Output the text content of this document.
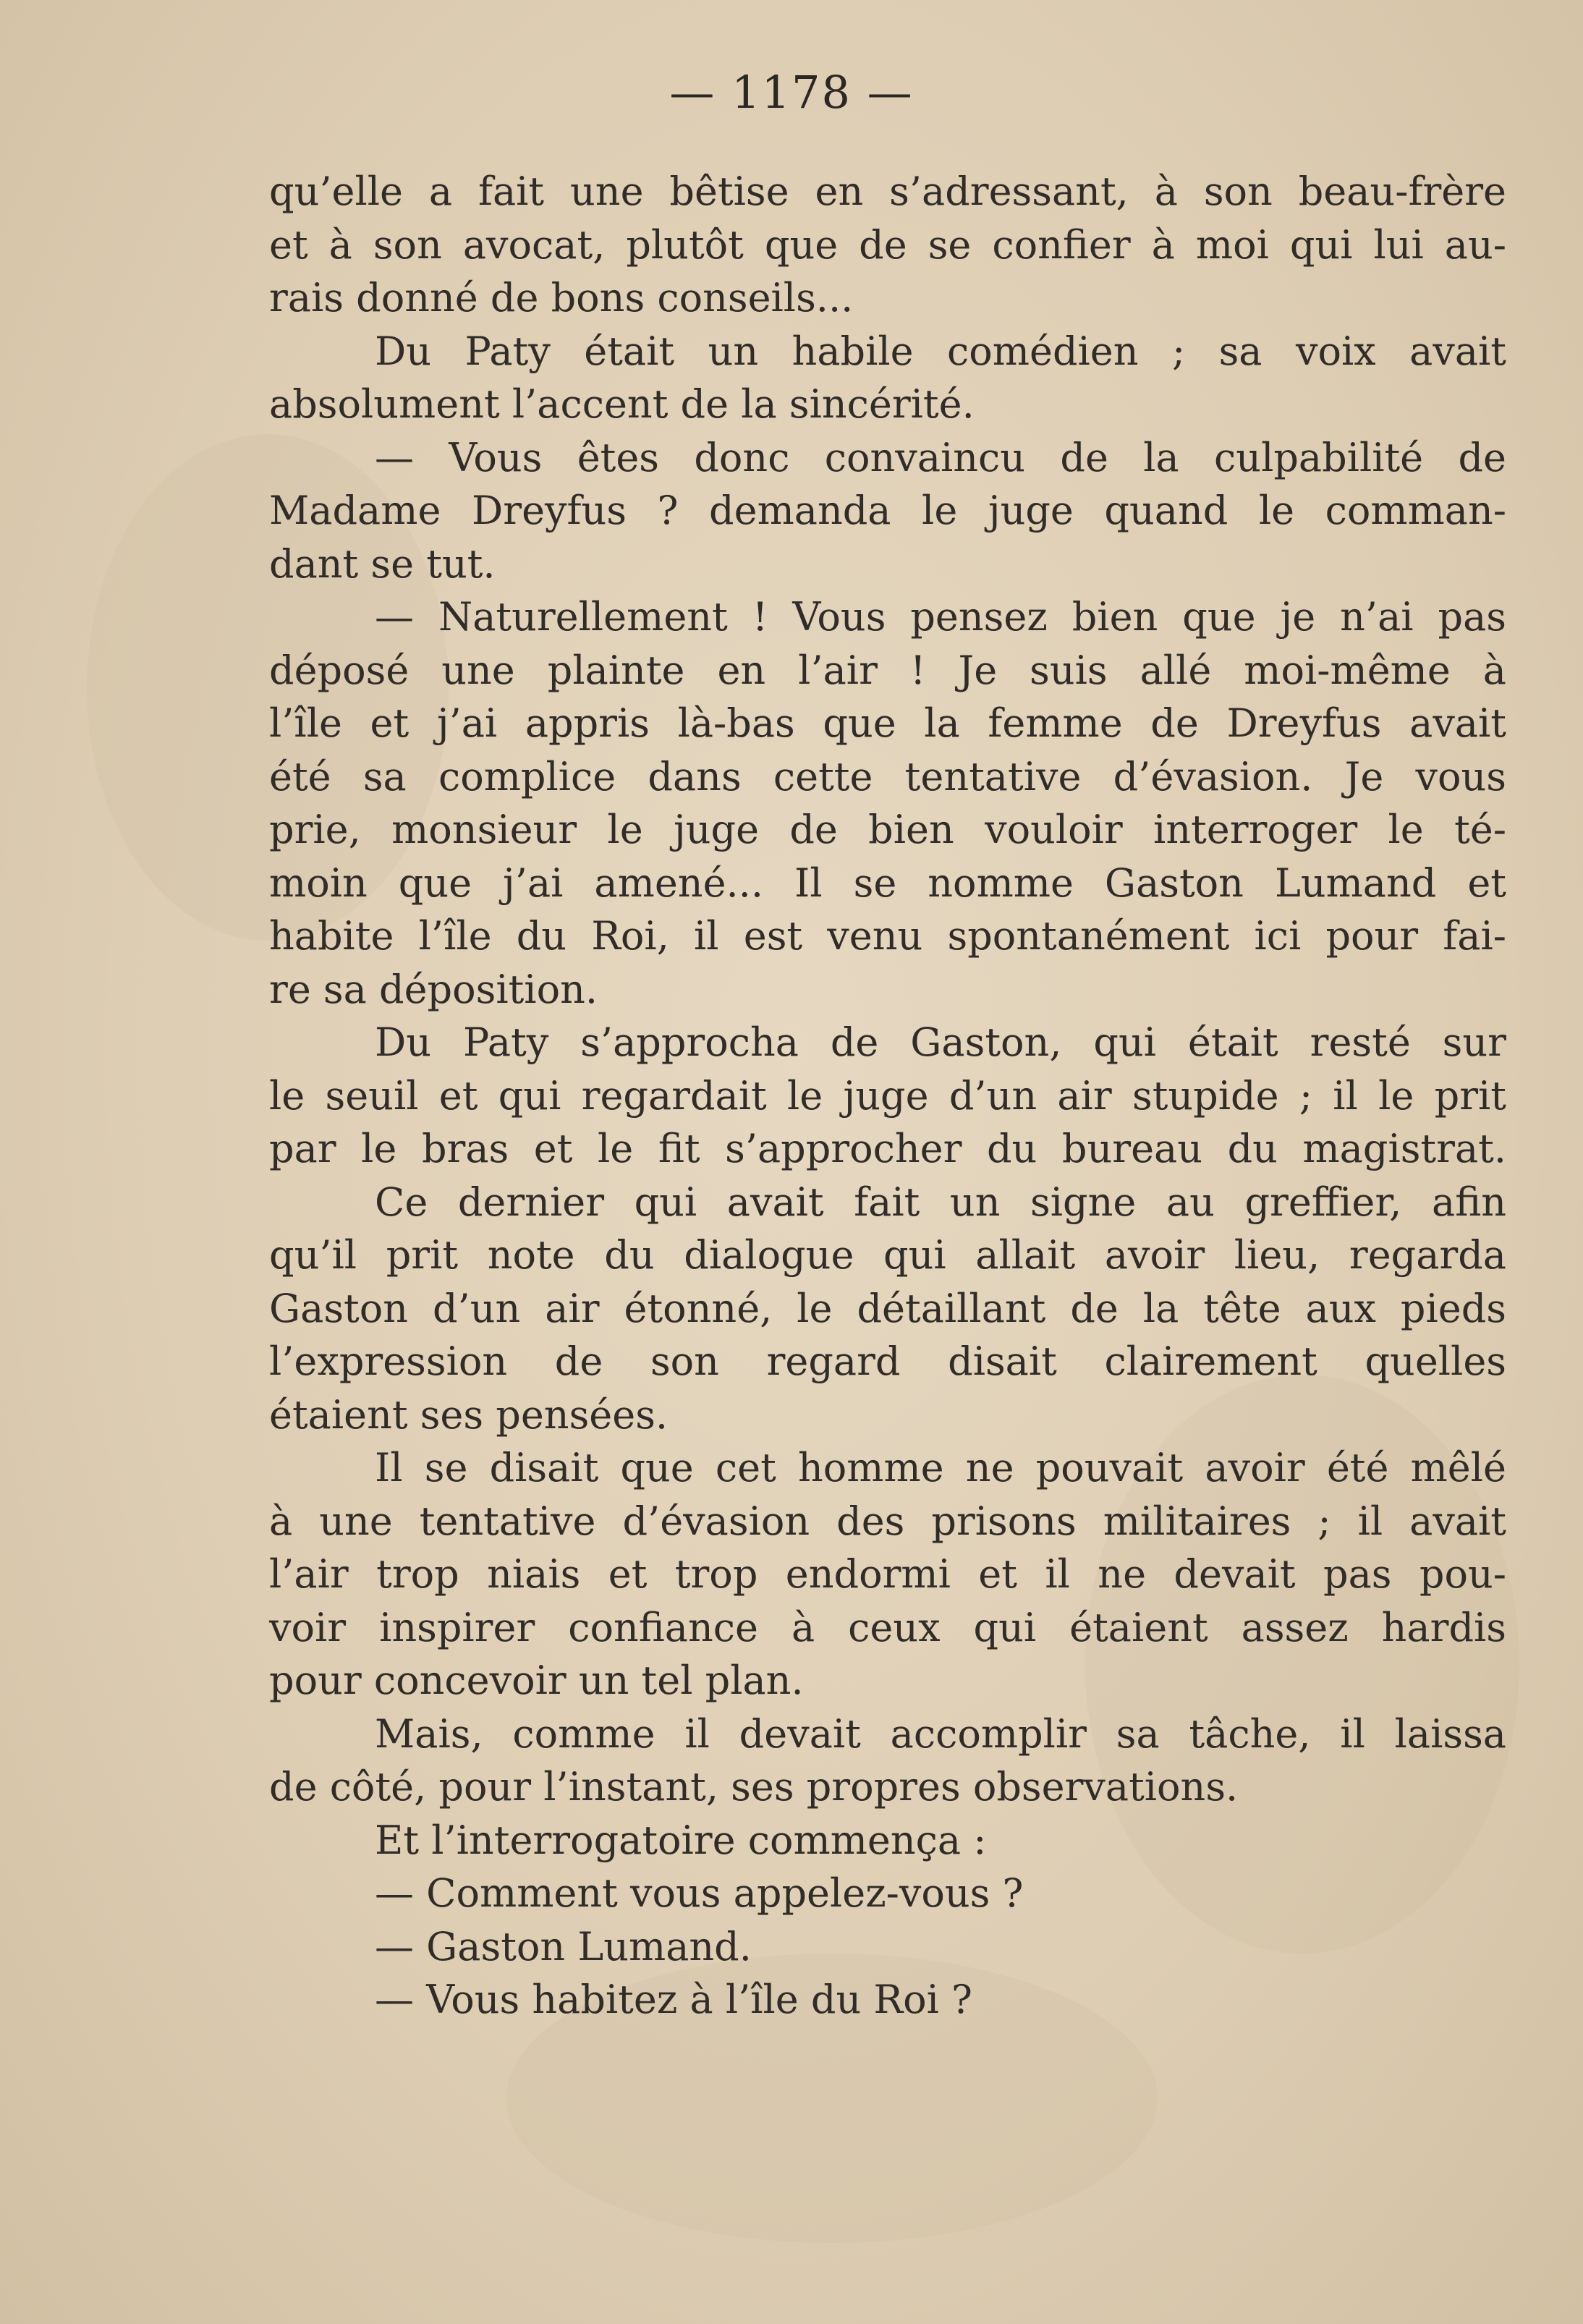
— 1178 —
qu’elle a fait une bêtise en s’adressant, à son beau-frère
et à son avocat, plutôt que de se confier à moi qui lui au-
rais donné de bons conseils...
Du Paty était un habile comédien ; sa voix avait
absolument l’accent de la sincérité.
— Vous êtes donc convaincu de la culpabilité de
Madame Dreyfus ? demanda le juge quand le comman-
dant se tut.
— Naturellement ! Vous pensez bien que je n’ai pas
déposé une plainte en l’air ! Je suis allé moi-même à
l’île et j’ai appris là-bas que la femme de Dreyfus avait
été sa complice dans cette tentative d’évasion. Je vous
prie, monsieur le juge de bien vouloir interroger le té-
moin que j’ai amené... Il se nomme Gaston Lumand et
habite l’île du Roi, il est venu spontanément ici pour fai-
re sa déposition.
Du Paty s’approcha de Gaston, qui était resté sur
le seuil et qui regardait le juge d’un air stupide ; il le prit
par le bras et le fit s’approcher du bureau du magistrat.
Ce dernier qui avait fait un signe au greffier, afin
qu’il prit note du dialogue qui allait avoir lieu, regarda
Gaston d’un air étonné, le détaillant de la tête aux pieds
l’expression de son regard disait clairement quelles
étaient ses pensées.
Il se disait que cet homme ne pouvait avoir été mêlé
à une tentative d’évasion des prisons militaires ; il avait
l’air trop niais et trop endormi et il ne devait pas pou-
voir inspirer confiance à ceux qui étaient assez hardis
pour concevoir un tel plan.
Mais, comme il devait accomplir sa tâche, il laissa
de côté, pour l’instant, ses propres observations.
Et l’interrogatoire commença :
— Comment vous appelez-vous ?
— Gaston Lumand.
— Vous habitez à l’île du Roi ?
